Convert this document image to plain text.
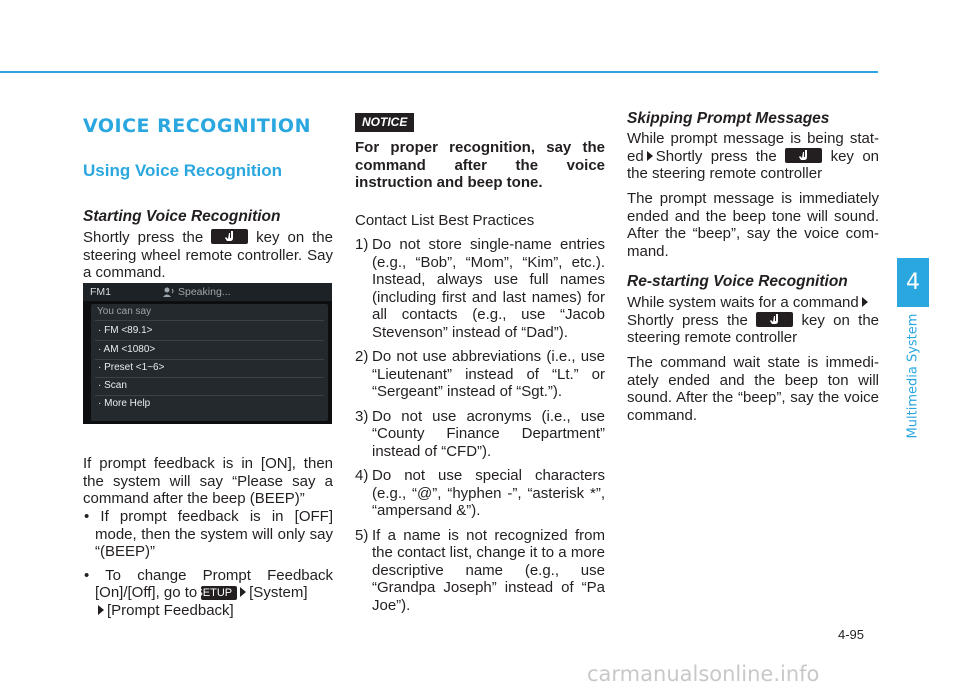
VOICE RECOGNITION
Using Voice Recognition
Starting Voice Recognition

Shortly press the	key on the steering wheel remote controller. Say a command.

If prompt feedback is in [ON], then the system will say “Please say a command after the beep (BEEP)”

• If prompt feedback is in [OFF] mode, then the system will only say “(BEEP)”
• To change Prompt Feedback [On]/[Off], go to SETUP [System]
[Prompt Feedback]
FM1	Speaking...
You can say
· FM <89.1>
· AM <1080>
· Preset <1~6>
· Scan
· More Help
NOTICE

For proper recognition, say the command after the voice instruction and beep tone.

Contact List Best Practices

1) Do not store single-name entries (e.g., “Bob”, “Mom”, “Kim”, etc.). Instead, always use full names (including first and last names) for all contacts (e.g., use “Jacob Stevenson” instead of “Dad”).
2) Do not use abbreviations (i.e., use “Lieutenant” instead of “Lt.” or “Sergeant” instead of “Sgt.”).
3) Do not use acronyms (i.e., use “County Finance Department” instead of “CFD”).
4) Do not use special characters (e.g., “@”, “hyphen -”, “asterisk *”, “ampersand &”).
5) If a name is not recognized from the contact list, change it to a more descriptive name (e.g., use “Grandpa Joseph” instead of “Pa Joe”).
Skipping Prompt Messages

While prompt message is being stat-ed Shortly press the	key on the steering remote controller

The prompt message is immediately ended and the beep tone will sound. After the “beep”, say the voice com-mand.

Re-starting Voice Recognition

While system waits for a command
Shortly press the	key on the steering remote controller

The command wait state is immedi-ately ended and the beep ton will sound. After the “beep”, say the voice command.

4
Multimedia System
4-95
carmanualsonline.info
